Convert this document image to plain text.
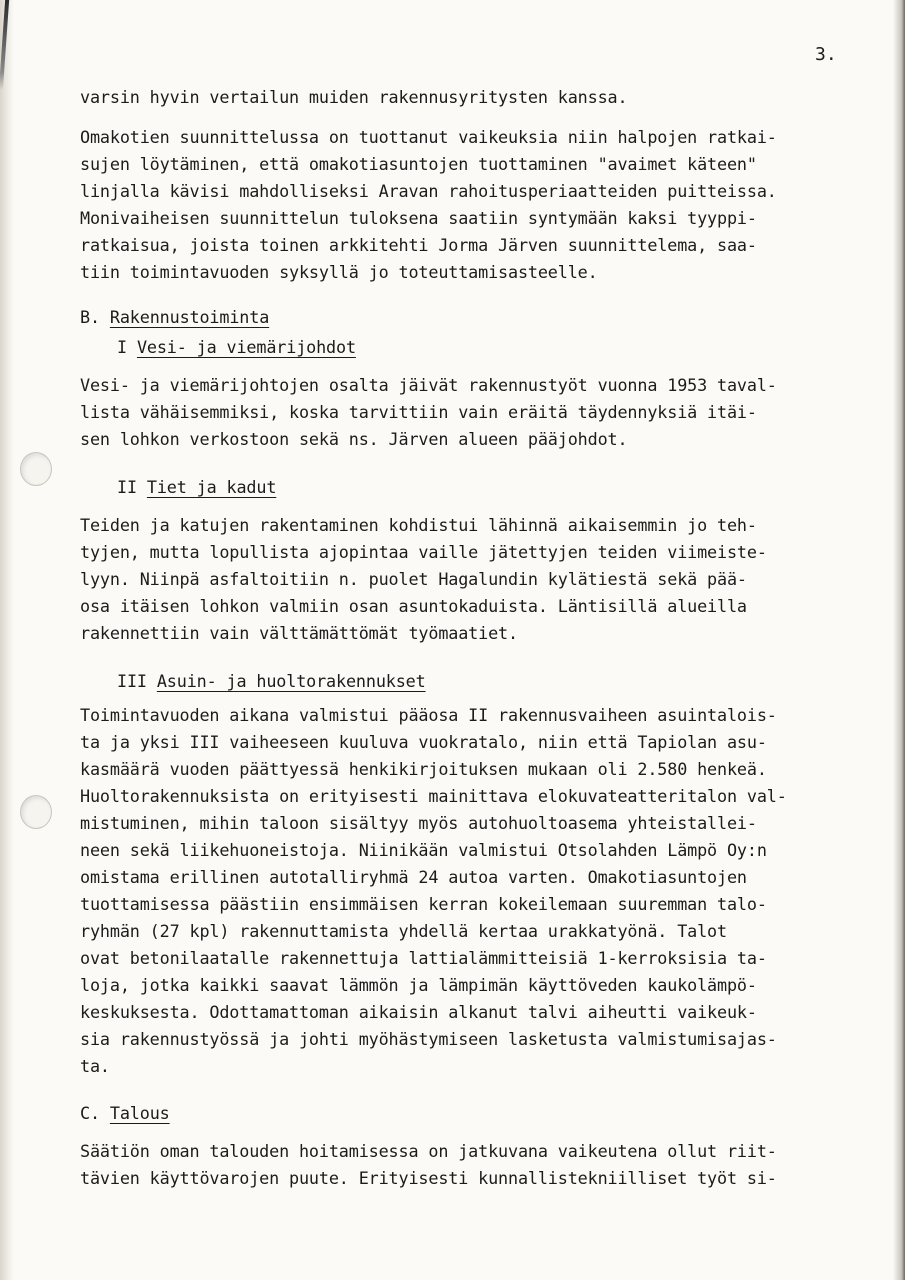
3.

varsin hyvin vertailun muiden rakennusyritysten kanssa.

Omakotien suunnittelussa on tuottanut vaikeuksia niin halpojen ratkai-

sujen löytäminen, että omakotiasuntojen tuottaminen "avaimet käteen"

linjalla kävisi mahdolliseksi Aravan rahoitusperiaatteiden puitteissa.

Monivaiheisen suunnittelun tuloksena saatiin syntymään kaksi tyyppi-

ratkaisua, joista toinen arkkitehti Jorma Järven suunnittelema, saa-

tiin toimintavuoden syksyllä jo toteuttamisasteelle.

B. Rakennustoiminta

I Vesi- ja viemärijohdot

Vesi- ja viemärijohtojen osalta jäivät rakennustyöt vuonna 1953 taval-

lista vähäisemmiksi, koska tarvittiin vain eräitä täydennyksiä itäi-

sen lohkon verkostoon sekä ns. Järven alueen pääjohdot.

II Tiet ja kadut

Teiden ja katujen rakentaminen kohdistui lähinnä aikaisemmin jo teh-

tyjen, mutta lopullista ajopintaa vaille jätettyjen teiden viimeiste-

lyyn. Niinpä asfaltoitiin n. puolet Hagalundin kylätiestä sekä pää-

osa itäisen lohkon valmiin osan asuntokaduista. Läntisillä alueilla

rakennettiin vain välttämättömät työmaatiet.

III Asuin- ja huoltorakennukset

Toimintavuoden aikana valmistui pääosa II rakennusvaiheen asuintalois-

ta ja yksi III vaiheeseen kuuluva vuokratalo, niin että Tapiolan asu-

kasmäärä vuoden päättyessä henkikirjoituksen mukaan oli 2.580 henkeä.

Huoltorakennuksista on erityisesti mainittava elokuvateatteritalon val-

mistuminen, mihin taloon sisältyy myös autohuoltoasema yhteistallei-

neen sekä liikehuoneistoja. Niinikään valmistui Otsolahden Lämpö Oy:n

omistama erillinen autotalliryhmä 24 autoa varten. Omakotiasuntojen

tuottamisessa päästiin ensimmäisen kerran kokeilemaan suuremman talo-

ryhmän (27 kpl) rakennuttamista yhdellä kertaa urakkatyönä. Talot

ovat betonilaatalle rakennettuja lattialämmitteisiä 1-kerroksisia ta-

loja, jotka kaikki saavat lämmön ja lämpimän käyttöveden kaukolämpö-

keskuksesta. Odottamattoman aikaisin alkanut talvi aiheutti vaikeuk-

sia rakennustyössä ja johti myöhästymiseen lasketusta valmistumisajas-

ta.

C. Talous

Säätiön oman talouden hoitamisessa on jatkuvana vaikeutena ollut riit-

tävien käyttövarojen puute. Erityisesti kunnallistekniilliset työt si-
